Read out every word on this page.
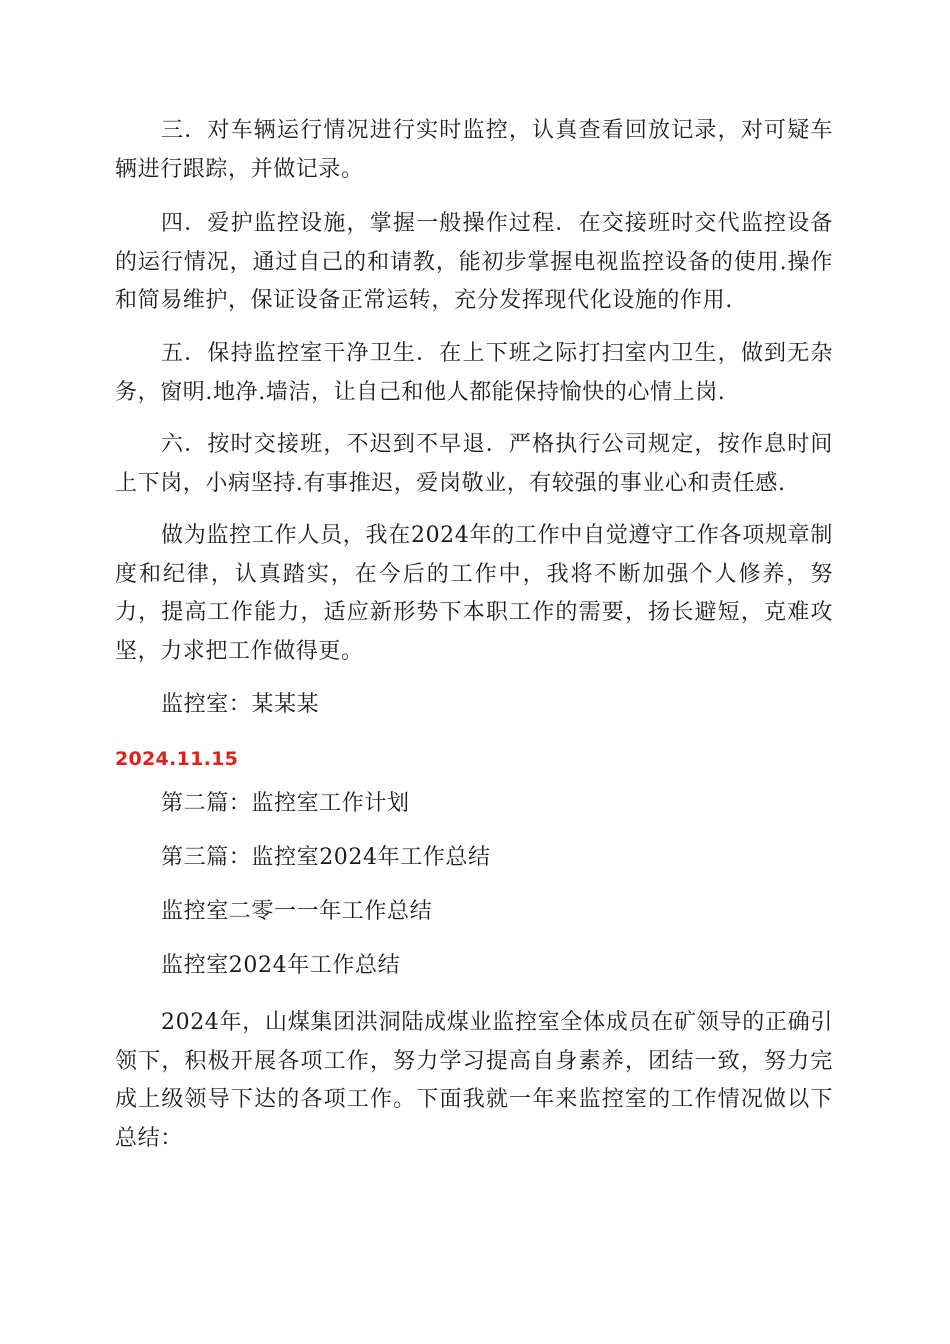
三．对车辆运行情况进行实时监控，认真查看回放记录，对可疑车辆进行跟踪，并做记录。

四．爱护监控设施，掌握一般操作过程．在交接班时交代监控设备的运行情况，通过自己的和请教，能初步掌握电视监控设备的使用.操作和简易维护，保证设备正常运转，充分发挥现代化设施的作用.

五．保持监控室干净卫生．在上下班之际打扫室内卫生，做到无杂务，窗明.地净.墙洁，让自己和他人都能保持愉快的心情上岗.

六．按时交接班，不迟到不早退．严格执行公司规定，按作息时间上下岗，小病坚持.有事推迟，爱岗敬业，有较强的事业心和责任感.

做为监控工作人员，我在2024年的工作中自觉遵守工作各项规章制度和纪律，认真踏实，在今后的工作中，我将不断加强个人修养，努力，提高工作能力，适应新形势下本职工作的需要，扬长避短，克难攻坚，力求把工作做得更。

监控室：某某某

2024.11.15

第二篇：监控室工作计划

第三篇：监控室2024年工作总结

监控室二零一一年工作总结

监控室2024年工作总结

2024年，山煤集团洪洞陆成煤业监控室全体成员在矿领导的正确引领下，积极开展各项工作，努力学习提高自身素养，团结一致，努力完成上级领导下达的各项工作。下面我就一年来监控室的工作情况做以下总结：
